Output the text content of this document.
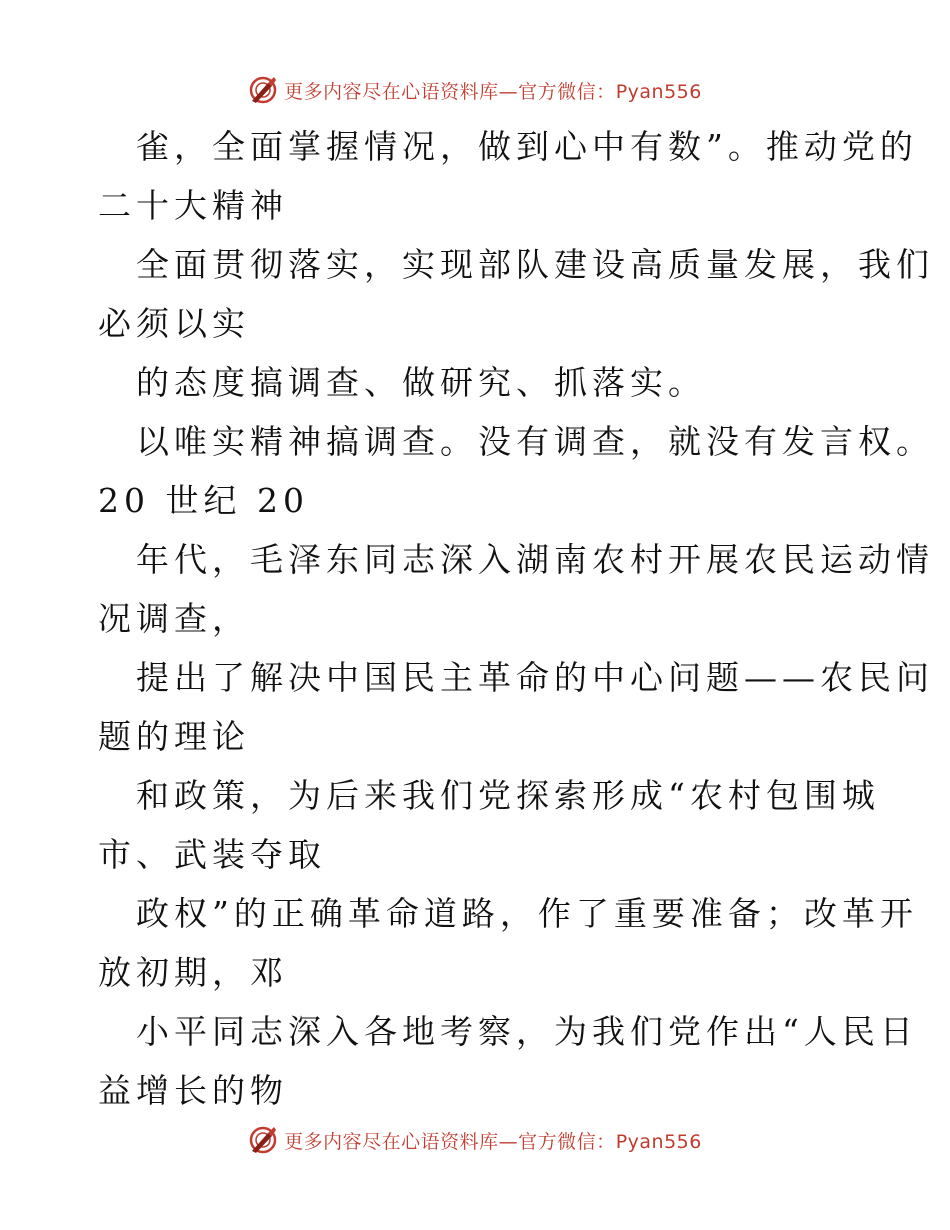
更多内容尽在心语资料库—官方微信：Pyan556
雀，全面掌握情况，做到心中有数”。推动党的
二十大精神
全面贯彻落实，实现部队建设高质量发展，我们
必须以实
的态度搞调查、做研究、抓落实。
以唯实精神搞调查。没有调查，就没有发言权。
20 世纪 20
年代，毛泽东同志深入湖南农村开展农民运动情
况调查，
提出了解决中国民主革命的中心问题——农民问
题的理论
和政策，为后来我们党探索形成“农村包围城
市、武装夺取
政权”的正确革命道路，作了重要准备；改革开
放初期，邓
小平同志深入各地考察，为我们党作出“人民日
益增长的物
更多内容尽在心语资料库—官方微信：Pyan556
